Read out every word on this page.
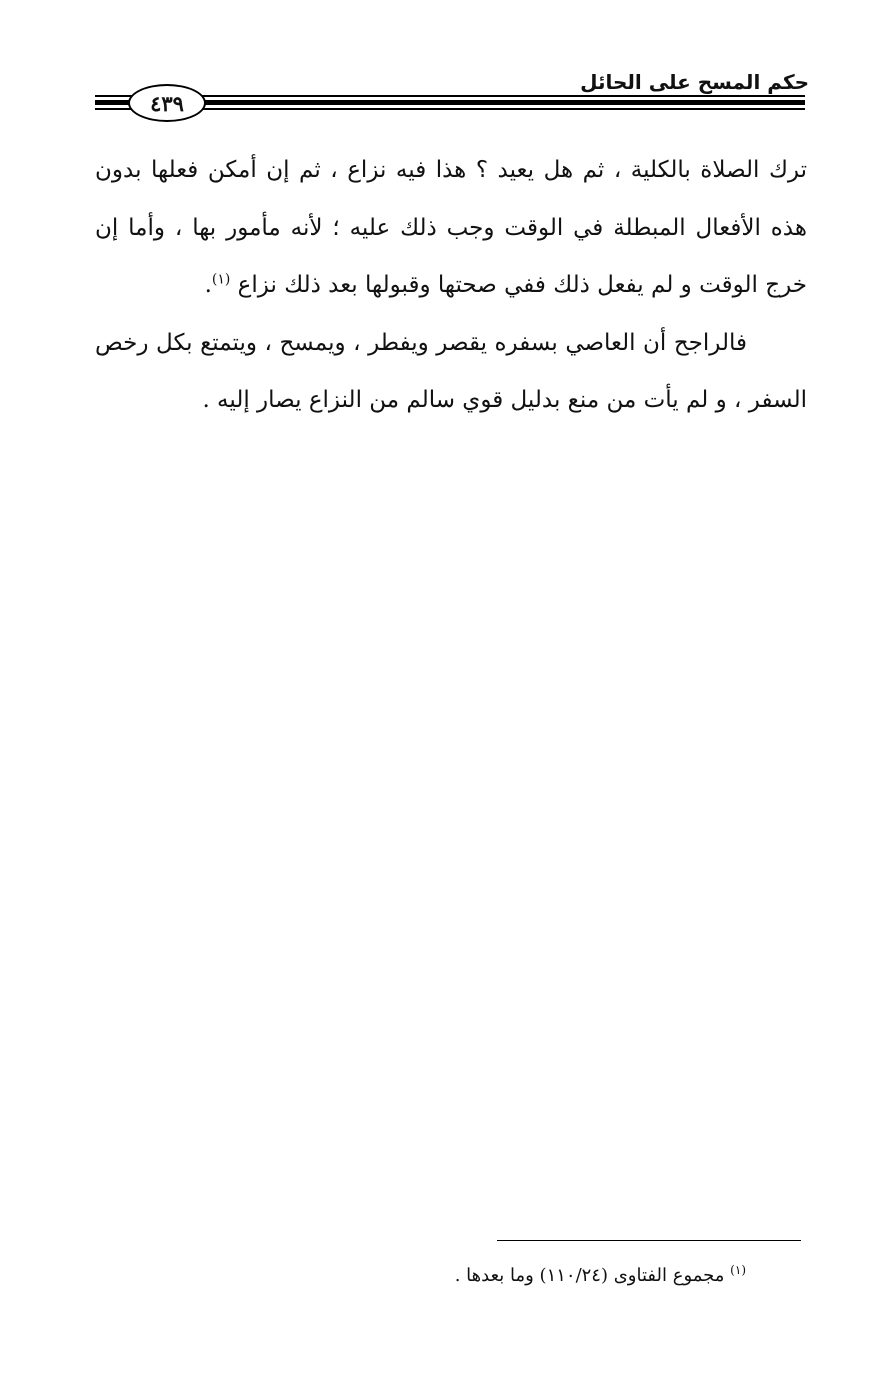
حكم المسح على الحائل
٤٣٩

ترك الصلاة بالكلية ، ثم هل يعيد ؟ هذا فيه نزاع ، ثم إن أمكن فعلها بدون هذه الأفعال المبطلة في الوقت وجب ذلك عليه ؛ لأنه مأمور بها ، وأما إن خرج الوقت و لم يفعل ذلك ففي صحتها وقبولها بعد ذلك نزاع $^{(١)}$.

فالراجح أن العاصي بسفره يقصر ويفطر ، ويمسح ، ويتمتع بكل رخص السفر ، و لم يأت من منع بدليل قوي سالم من النزاع يصار إليه .

$^{(١)}$ مجموع الفتاوى (١١٠/٢٤) وما بعدها .
